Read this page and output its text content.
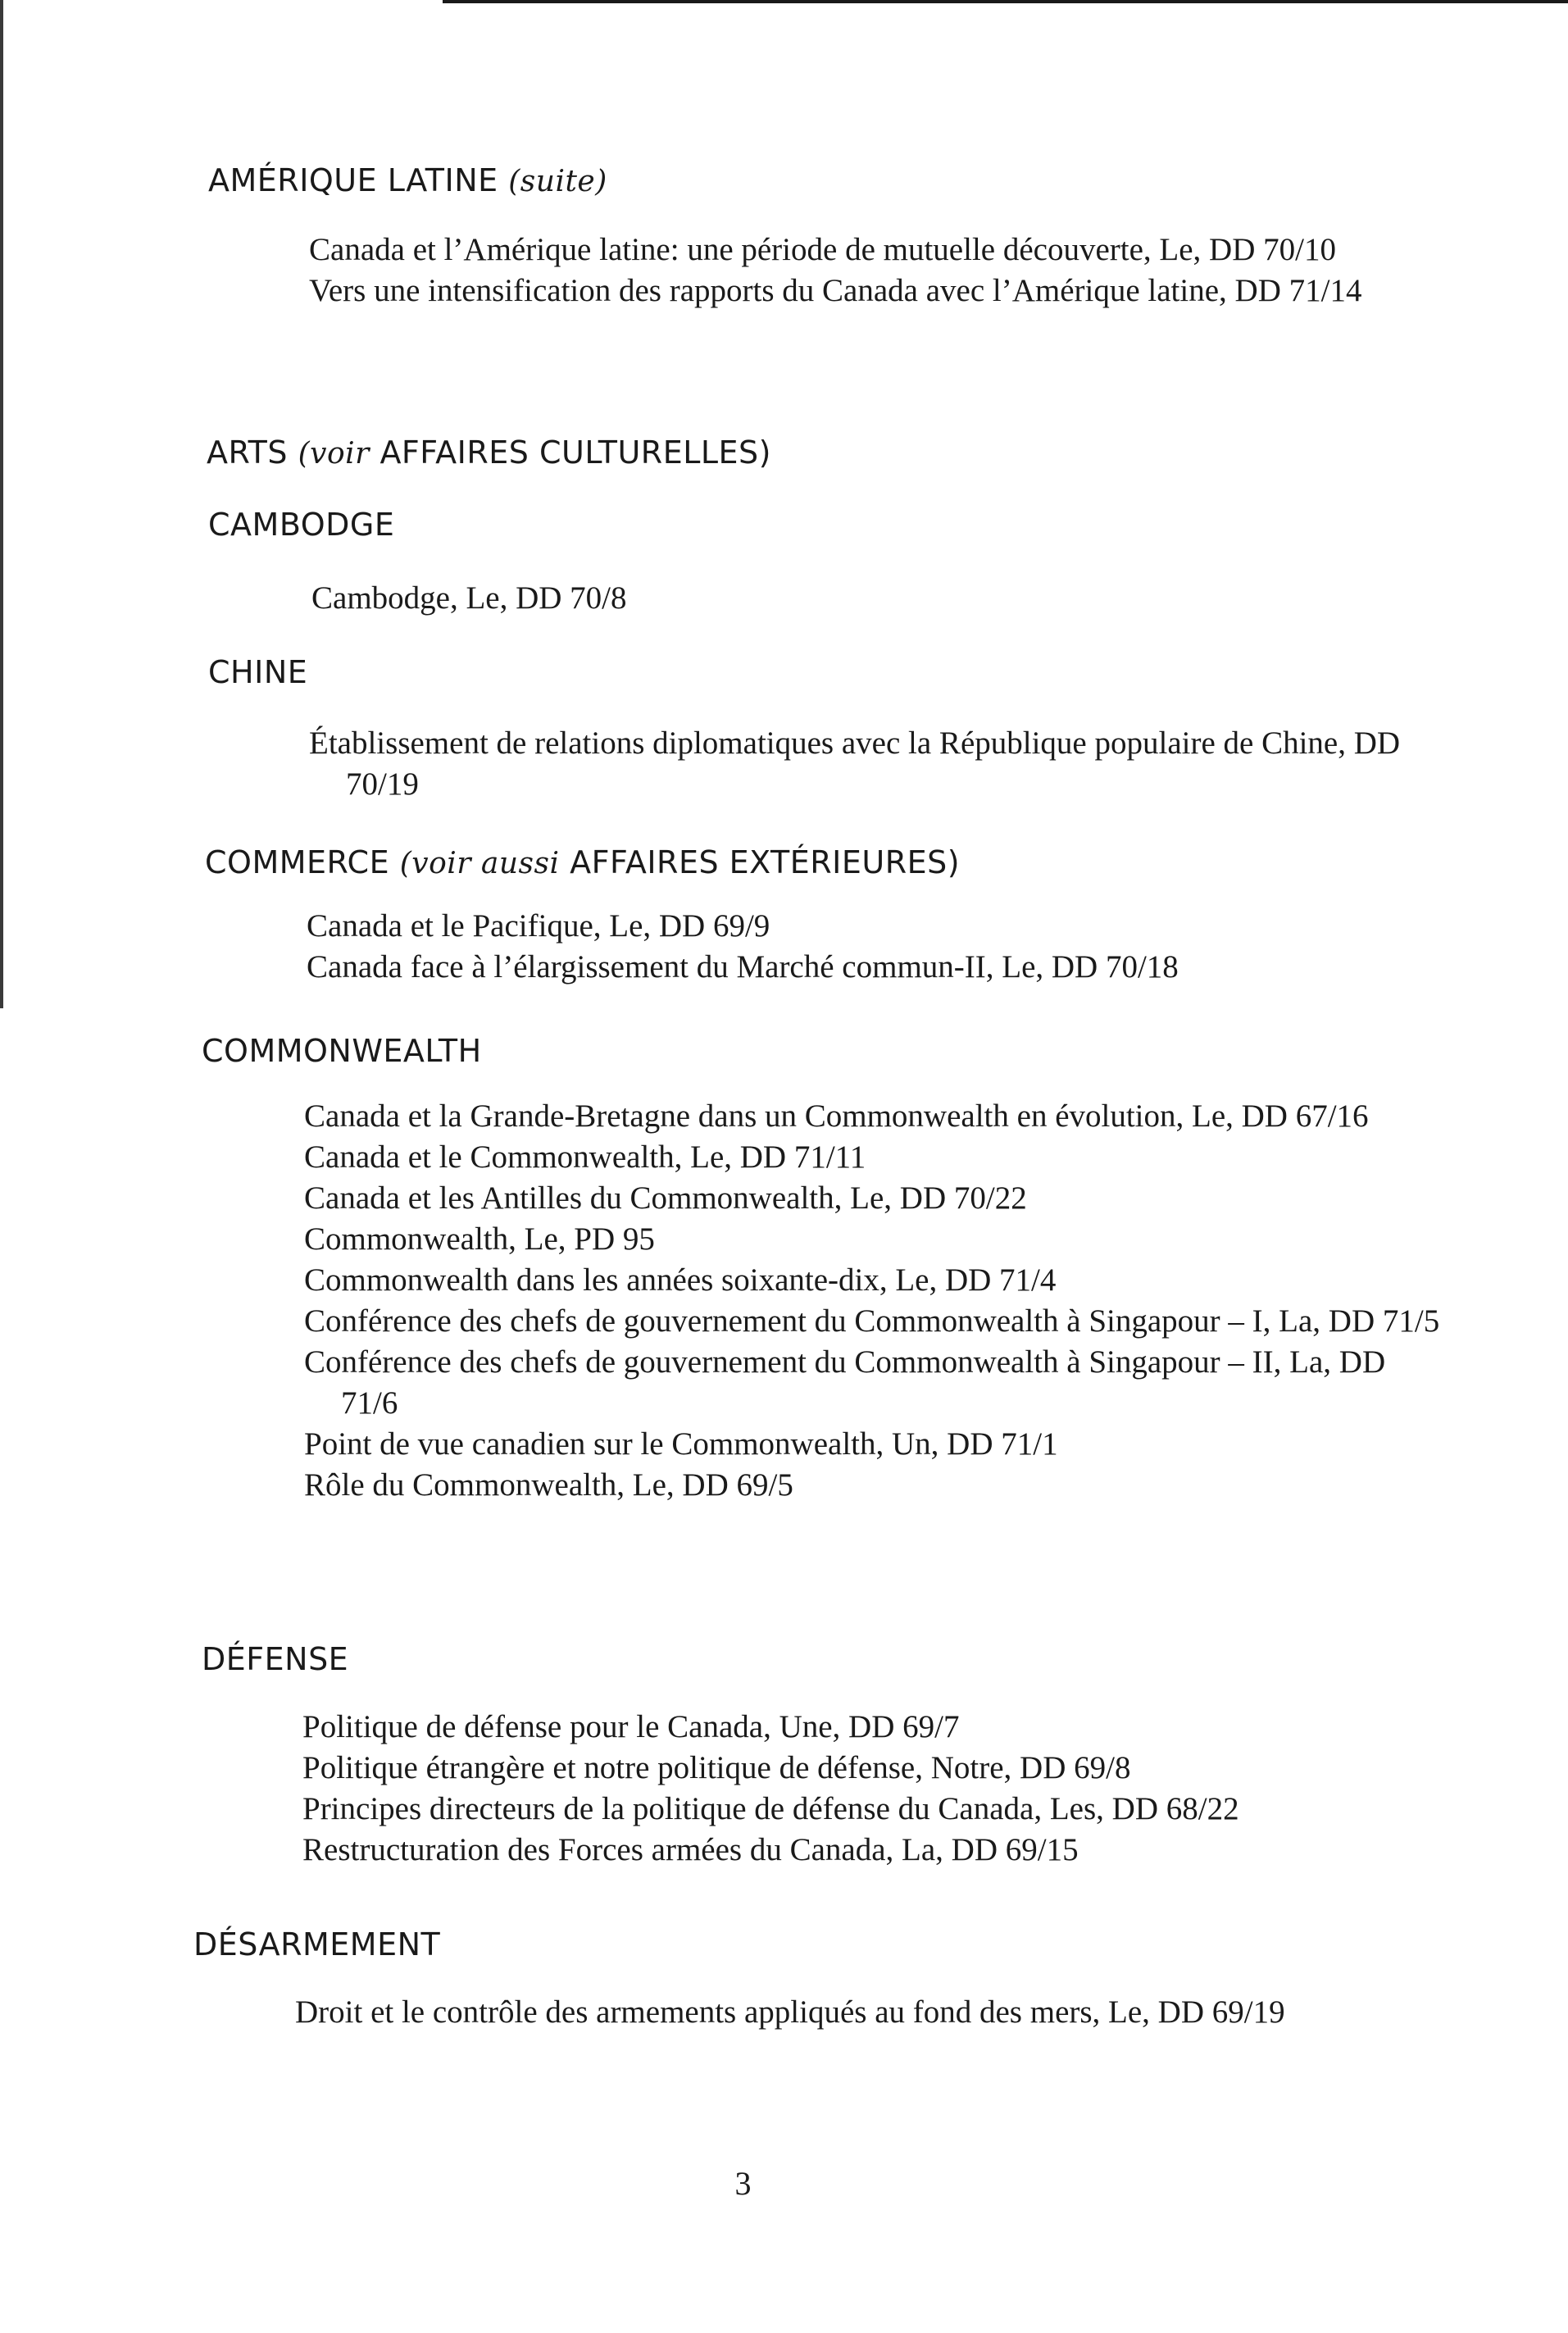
AMÉRIQUE LATINE (suite)
Canada et l’Amérique latine: une période de mutuelle découverte, Le, DD 70/10
Vers une intensification des rapports du Canada avec l’Amérique latine, DD 71/14
ARTS (voir AFFAIRES CULTURELLES)
CAMBODGE
Cambodge, Le, DD 70/8
CHINE
Établissement de relations diplomatiques avec la République populaire de Chine, DD 70/19
COMMERCE (voir aussi AFFAIRES EXTÉRIEURES)
Canada et le Pacifique, Le, DD 69/9
Canada face à l’élargissement du Marché commun-II, Le, DD 70/18
COMMONWEALTH
Canada et la Grande-Bretagne dans un Commonwealth en évolution, Le, DD 67/16
Canada et le Commonwealth, Le, DD 71/11
Canada et les Antilles du Commonwealth, Le, DD 70/22
Commonwealth, Le, PD 95
Commonwealth dans les années soixante-dix, Le, DD 71/4
Conférence des chefs de gouvernement du Commonwealth à Singapour – I, La, DD 71/5
Conférence des chefs de gouvernement du Commonwealth à Singapour – II, La, DD 71/6
Point de vue canadien sur le Commonwealth, Un, DD 71/1
Rôle du Commonwealth, Le, DD 69/5
DÉFENSE
Politique de défense pour le Canada, Une, DD 69/7
Politique étrangère et notre politique de défense, Notre, DD 69/8
Principes directeurs de la politique de défense du Canada, Les, DD 68/22
Restructuration des Forces armées du Canada, La, DD 69/15
DÉSARMEMENT
Droit et le contrôle des armements appliqués au fond des mers, Le, DD 69/19
3
